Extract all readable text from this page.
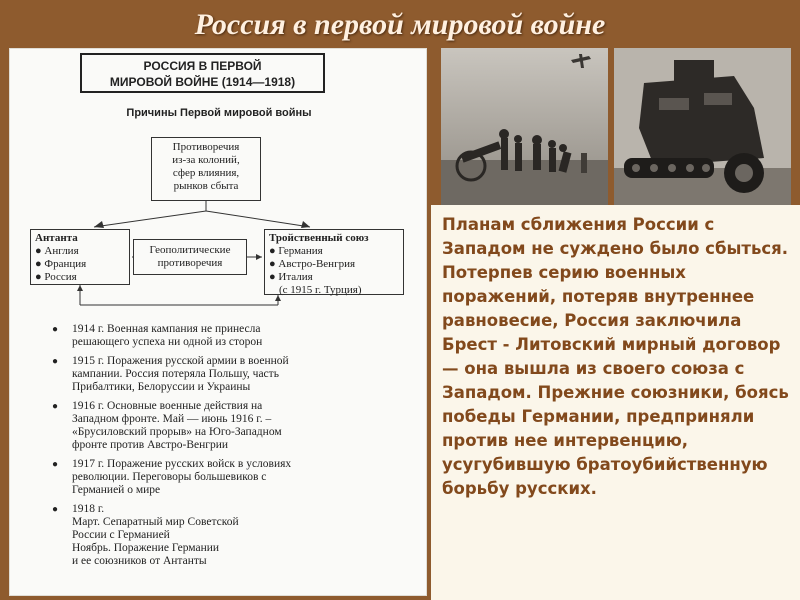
Россия в первой мировой войне
РОССИЯ В ПЕРВОЙ
МИРОВОЙ ВОЙНЕ (1914—1918)
Причины Первой мировой войны
Противоречия
из-за колоний,
сфер влияния,
рынков сбыта
Геополитические
противоречия
Антанта
● Англия
● Франция
● Россия
Тройственный союз
● Германия
● Австро-Венгрия
● Италия
(с 1915 г. Турция)
● 1914 г. Военная кампания не принесла
решающего успеха ни одной из сторон
● 1915 г. Поражения русской армии в военной
кампании. Россия потеряла Польшу, часть
Прибалтики, Белоруссии и Украины
● 1916 г. Основные военные действия на
Западном фронте. Май — июнь 1916 г. –
«Брусиловский прорыв» на Юго-Западном
фронте против Австро-Венгрии
● 1917 г. Поражение русских войск в условиях
революции. Переговоры большевиков с
Германией о мире
● 1918 г.
Март. Сепаратный мир Советской
России с Германией
Ноябрь. Поражение Германии
и ее союзников от Антанты

Планам сближения России с Западом не суждено было сбыться. Потерпев серию военных поражений, потеряв внутреннее равновесие, Россия заключила Брест - Литовский мирный договор — она вышла из своего союза с Западом. Прежние союзники, боясь победы Германии, предприняли против нее интервенцию, усугубившую братоубийственную борьбу русских.
